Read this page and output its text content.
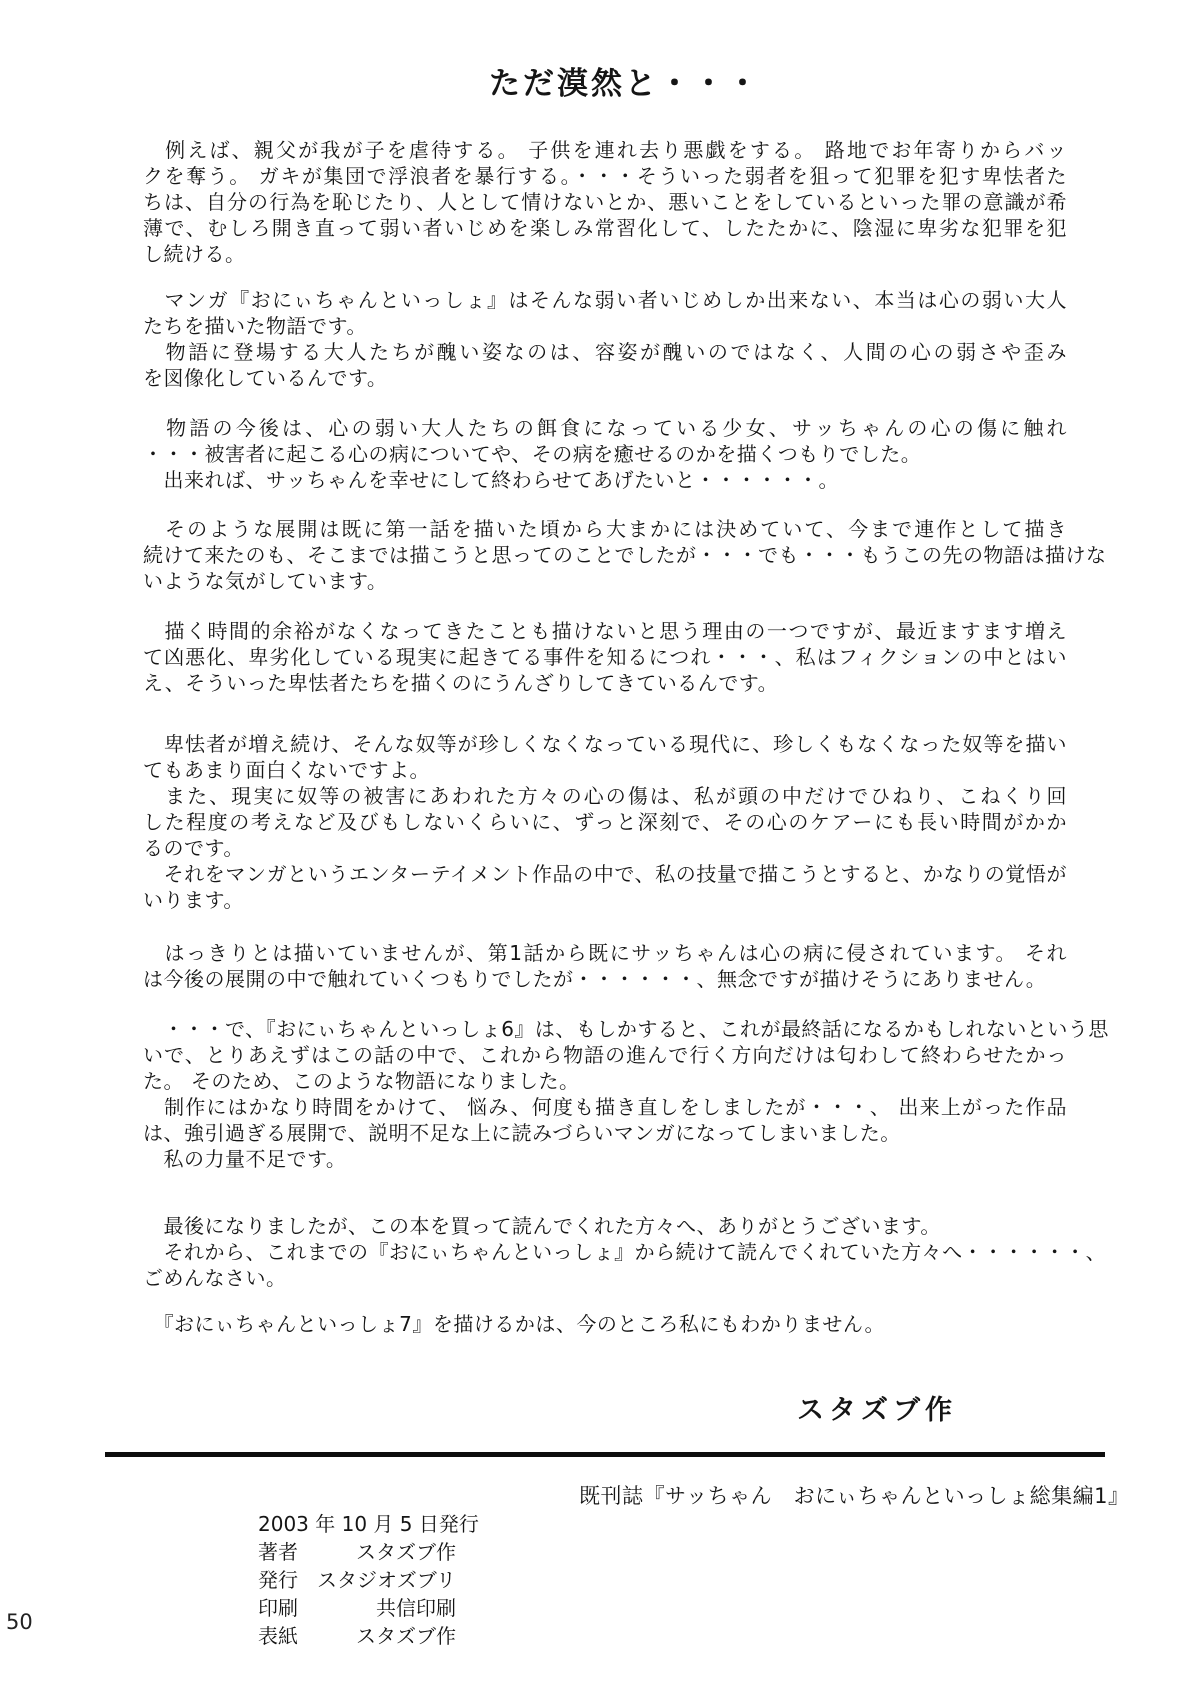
ただ漠然と・・・
　例えば、親父が我が子を虐待する。 子供を連れ去り悪戯をする。 路地でお年寄りからバッ
クを奪う。 ガキが集団で浮浪者を暴行する。・・・そういった弱者を狙って犯罪を犯す卑怯者た
ちは、自分の行為を恥じたり、人として情けないとか、悪いことをしているといった罪の意識が希
薄で、むしろ開き直って弱い者いじめを楽しみ常習化して、したたかに、陰湿に卑劣な犯罪を犯
し続ける。
　マンガ『おにぃちゃんといっしょ』はそんな弱い者いじめしか出来ない、本当は心の弱い大人
たちを描いた物語です。
　物語に登場する大人たちが醜い姿なのは、容姿が醜いのではなく、人間の心の弱さや歪み
を図像化しているんです。
　物語の今後は、心の弱い大人たちの餌食になっている少女、サッちゃんの心の傷に触れ
・・・被害者に起こる心の病についてや、その病を癒せるのかを描くつもりでした。
　出来れば、サッちゃんを幸せにして終わらせてあげたいと・・・・・・。
　そのような展開は既に第一話を描いた頃から大まかには決めていて、今まで連作として描き
続けて来たのも、そこまでは描こうと思ってのことでしたが・・・でも・・・もうこの先の物語は描けな
いような気がしています。
　描く時間的余裕がなくなってきたことも描けないと思う理由の一つですが、最近ますます増え
て凶悪化、卑劣化している現実に起きてる事件を知るにつれ・・・、私はフィクションの中とはい
え、そういった卑怯者たちを描くのにうんざりしてきているんです。
　卑怯者が増え続け、そんな奴等が珍しくなくなっている現代に、珍しくもなくなった奴等を描い
てもあまり面白くないですよ。
　また、現実に奴等の被害にあわれた方々の心の傷は、私が頭の中だけでひねり、こねくり回
した程度の考えなど及びもしないくらいに、ずっと深刻で、その心のケアーにも長い時間がかか
るのです。
　それをマンガというエンターテイメント作品の中で、私の技量で描こうとすると、かなりの覚悟が
いります。
　はっきりとは描いていませんが、第1話から既にサッちゃんは心の病に侵されています。 それ
は今後の展開の中で触れていくつもりでしたが・・・・・・、無念ですが描けそうにありません。
　・・・で、『おにぃちゃんといっしょ6』は、もしかすると、これが最終話になるかもしれないという思
いで、とりあえずはこの話の中で、これから物語の進んで行く方向だけは匂わして終わらせたかっ
た。 そのため、このような物語になりました。
　制作にはかなり時間をかけて、 悩み、何度も描き直しをしましたが・・・、 出来上がった作品
は、強引過ぎる展開で、説明不足な上に読みづらいマンガになってしまいました。
　私の力量不足です。
　最後になりましたが、この本を買って読んでくれた方々へ、ありがとうございます。
　それから、これまでの『おにぃちゃんといっしょ』から続けて読んでくれていた方々へ・・・・・・、
ごめんなさい。
　『おにぃちゃんといっしょ7』を描けるかは、今のところ私にもわかりません。
スタズブ作
既刊誌『サッちゃん　おにぃちゃんといっしょ総集編1』
2003 年 10 月 5 日発行
著者	スタズブ作
発行 スタジオズブリ
印刷	共信印刷
表紙	スタズブ作
50
